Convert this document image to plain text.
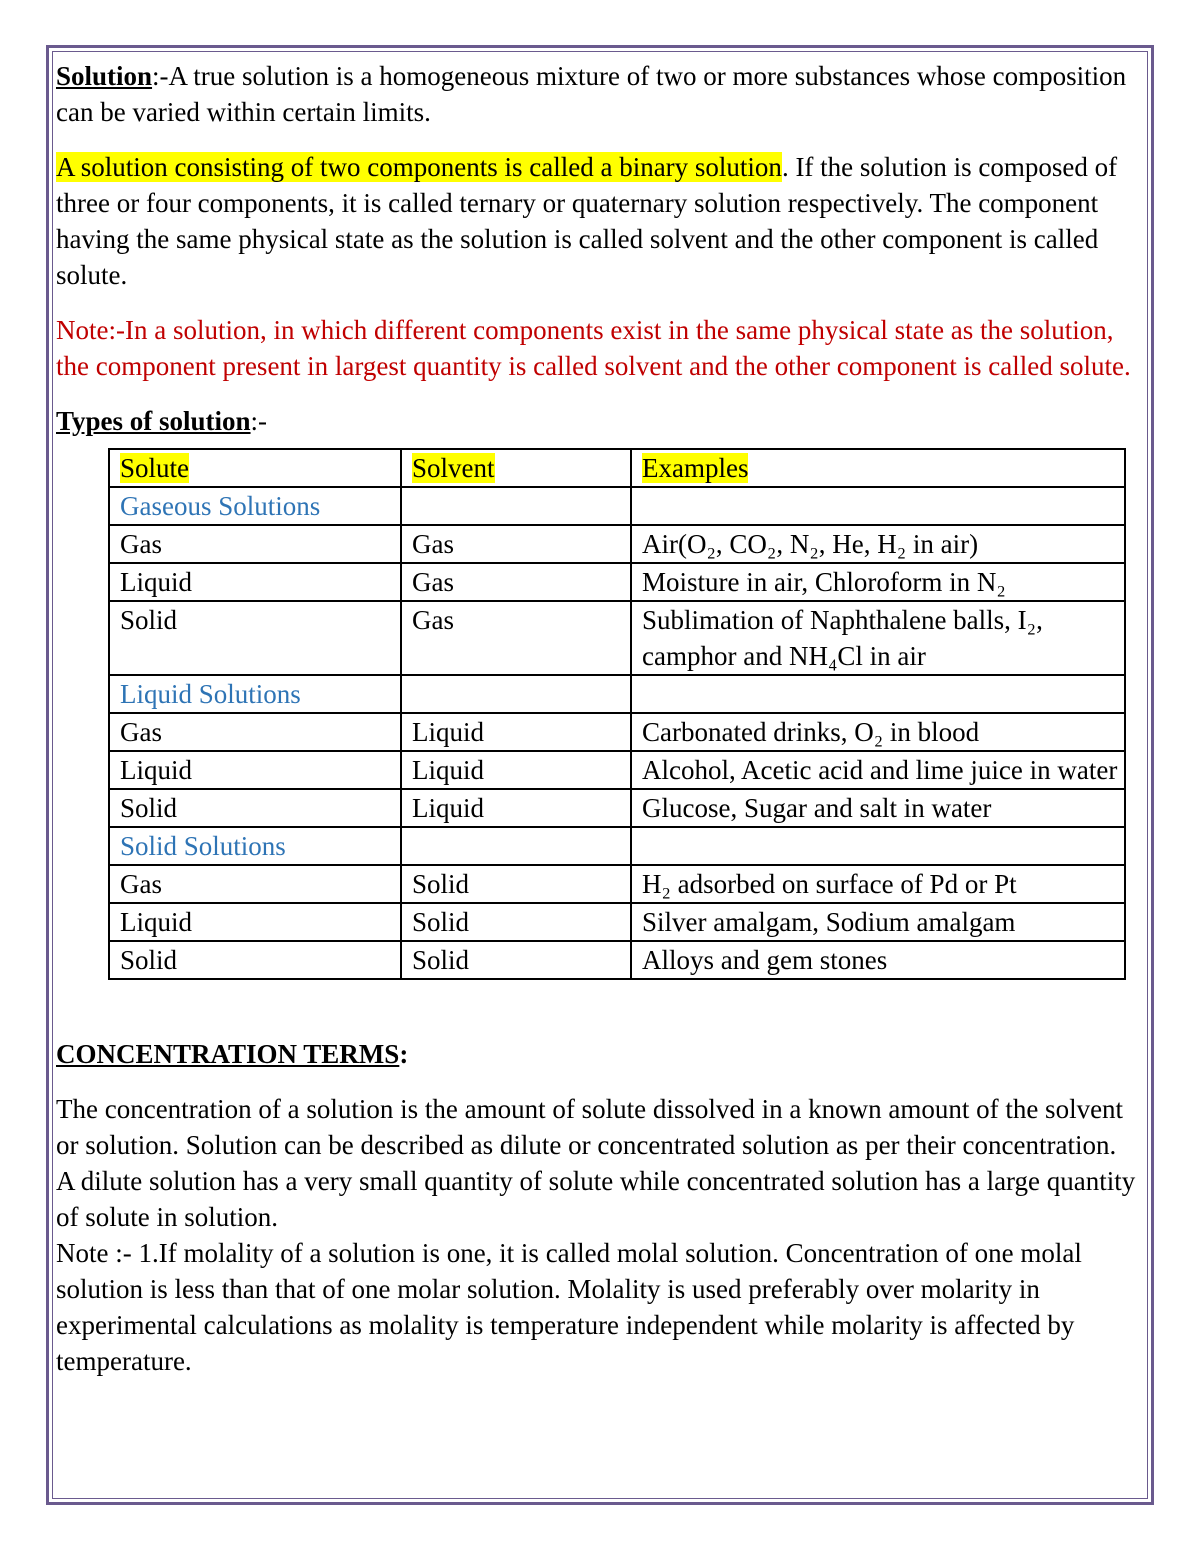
Solution:-A true solution is a homogeneous mixture of two or more substances whose composition can be varied within certain limits.

A solution consisting of two components is called a binary solution. If the solution is composed of three or four components, it is called ternary or quaternary solution respectively. The component having the same physical state as the solution is called solvent and the other component is called solute.

Note:-In a solution, in which different components exist in the same physical state as the solution, the component present in largest quantity is called solvent and the other component is called solute.

Types of solution:-

Solute	Solvent	Examples
Gaseous Solutions		
Gas	Gas	Air(O₂, CO₂, N₂, He, H₂ in air)
Liquid	Gas	Moisture in air, Chloroform in N₂
Solid	Gas	Sublimation of Naphthalene balls, I₂, camphor and NH₄Cl in air
Liquid Solutions		
Gas	Liquid	Carbonated drinks, O₂ in blood
Liquid	Liquid	Alcohol, Acetic acid and lime juice in water
Solid	Liquid	Glucose, Sugar and salt in water
Solid Solutions		
Gas	Solid	H₂ adsorbed on surface of Pd or Pt
Liquid	Solid	Silver amalgam, Sodium amalgam
Solid	Solid	Alloys and gem stones

CONCENTRATION TERMS:

The concentration of a solution is the amount of solute dissolved in a known amount of the solvent or solution. Solution can be described as dilute or concentrated solution as per their concentration.

A dilute solution has a very small quantity of solute while concentrated solution has a large quantity of solute in solution.

Note :- 1.If molality of a solution is one, it is called molal solution. Concentration of one molal solution is less than that of one molar solution. Molality is used preferably over molarity in experimental calculations as molality is temperature independent while molarity is affected by temperature.
